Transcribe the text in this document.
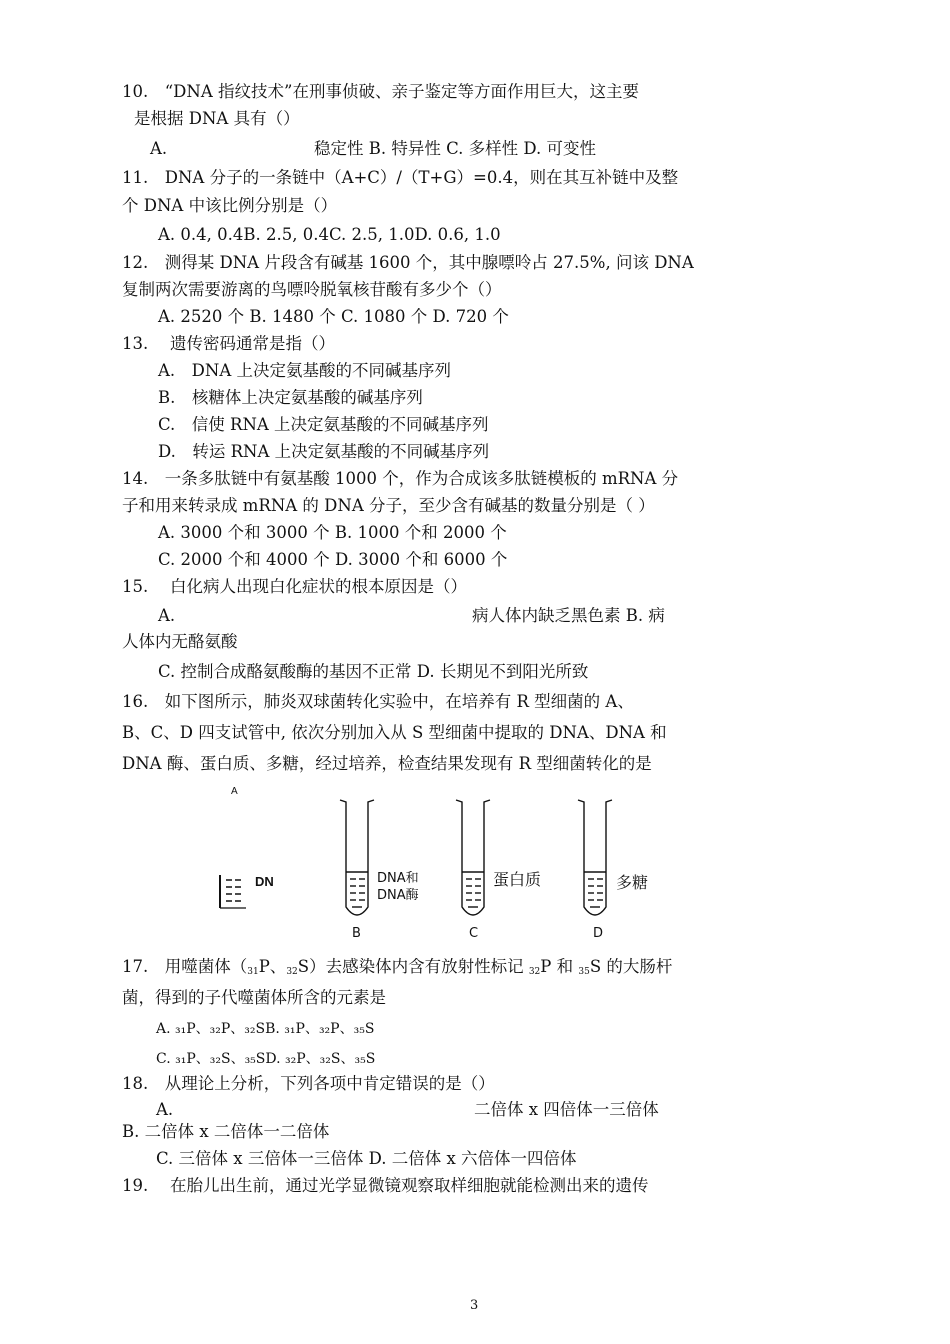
10.　“DNA 指纹技术”在刑事侦破、亲子鉴定等方面作用巨大，这主要
是根据 DNA 具有（）
A.	稳定性 B. 特异性 C. 多样性 D. 可变性
11.　DNA 分子的一条链中（A+C）/（T+G）=0.4，则在其互补链中及整
个 DNA 中该比例分别是（）
A. 0.4, 0.4B. 2.5, 0.4C. 2.5, 1.0D. 0.6, 1.0
12.　测得某 DNA 片段含有碱基 1600 个，其中腺嘌呤占 27.5%, 问该 DNA
复制两次需要游离的鸟嘌呤脱氧核苷酸有多少个（）
A. 2520 个 B. 1480 个 C. 1080 个 D. 720 个
13.　 遗传密码通常是指（）
A.　DNA 上决定氨基酸的不同碱基序列
B.　核糖体上决定氨基酸的碱基序列
C.　信使 RNA 上决定氨基酸的不同碱基序列
D.　转运 RNA 上决定氨基酸的不同碱基序列
14.　一条多肽链中有氨基酸 1000 个，作为合成该多肽链模板的 mRNA 分
子和用来转录成 mRNA 的 DNA 分子，至少含有碱基的数量分别是（ ）
A. 3000 个和 3000 个 B. 1000 个和 2000 个
C. 2000 个和 4000 个 D. 3000 个和 6000 个
15.　 白化病人出现白化症状的根本原因是（）
A.	病人体内缺乏黑色素 B. 病
人体内无酪氨酸
C. 控制合成酪氨酸酶的基因不正常 D. 长期见不到阳光所致
16.　如下图所示，肺炎双球菌转化实验中，在培养有 R 型细菌的 A、
B、C、D 四支试管中, 依次分别加入从 S 型细菌中提取的 DNA、DNA 和
DNA 酶、蛋白质、多糖，经过培养，检查结果发现有 R 型细菌转化的是
A
DN	DNA和
DNA酶
B
蛋白质
C
多糖
D
17.　用噬菌体（31P、32S）去感染体内含有放射性标记 32P 和 35S 的大肠杆
菌，得到的子代噬菌体所含的元素是
A. ₃₁P、₃₂P、₃₂SB. ₃₁P、₃₂P、₃₅S
C. ₃₁P、₃₂S、₃₅SD. ₃₂P、₃₂S、₃₅S
18.　从理论上分析，下列各项中肯定错误的是（）
A.	二倍体 x 四倍体一三倍体
B. 二倍体 x 二倍体一二倍体
C. 三倍体 x 三倍体一三倍体 D. 二倍体 x 六倍体一四倍体
19.　 在胎儿出生前，通过光学显微镜观察取样细胞就能检测出来的遗传
3
